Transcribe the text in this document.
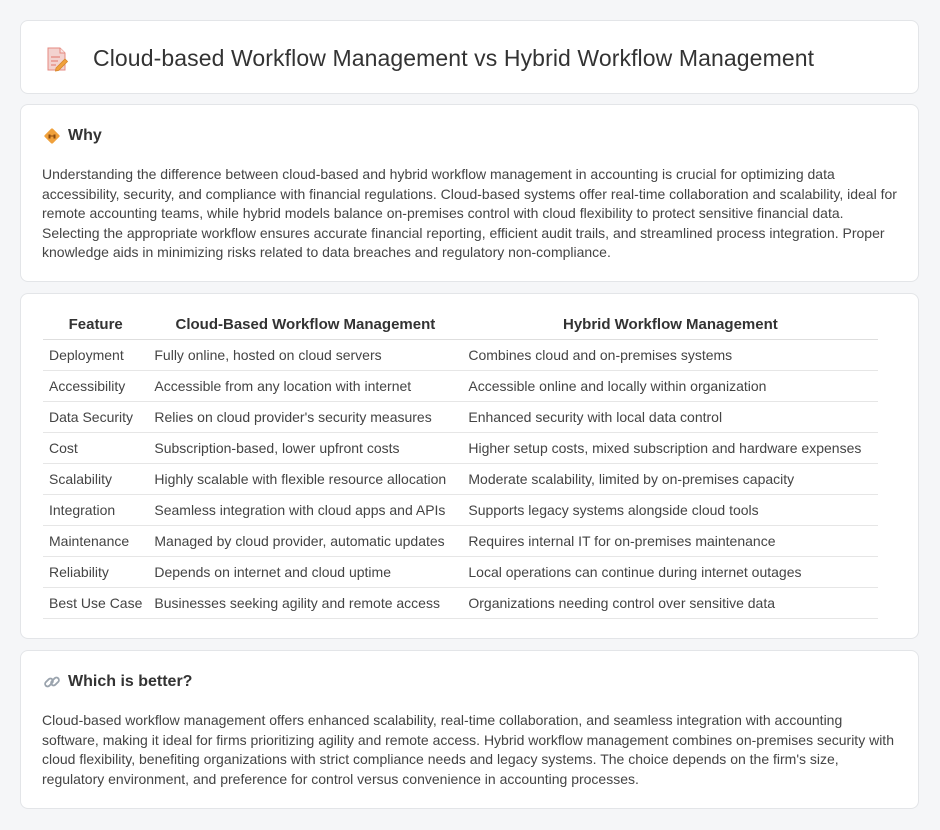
Cloud-based Workflow Management vs Hybrid Workflow Management
Why

Understanding the difference between cloud-based and hybrid workflow management in accounting is crucial for optimizing data accessibility, security, and compliance with financial regulations. Cloud-based systems offer real-time collaboration and scalability, ideal for remote accounting teams, while hybrid models balance on-premises control with cloud flexibility to protect sensitive financial data. Selecting the appropriate workflow ensures accurate financial reporting, efficient audit trails, and streamlined process integration. Proper knowledge aids in minimizing risks related to data breaches and regulatory non-compliance.

Feature	Cloud-Based Workflow Management	Hybrid Workflow Management
Deployment	Fully online, hosted on cloud servers	Combines cloud and on-premises systems
Accessibility	Accessible from any location with internet	Accessible online and locally within organization
Data Security	Relies on cloud provider's security measures	Enhanced security with local data control
Cost	Subscription-based, lower upfront costs	Higher setup costs, mixed subscription and hardware expenses
Scalability	Highly scalable with flexible resource allocation	Moderate scalability, limited by on-premises capacity
Integration	Seamless integration with cloud apps and APIs	Supports legacy systems alongside cloud tools
Maintenance	Managed by cloud provider, automatic updates	Requires internal IT for on-premises maintenance
Reliability	Depends on internet and cloud uptime	Local operations can continue during internet outages
Best Use Case	Businesses seeking agility and remote access	Organizations needing control over sensitive data
Which is better?

Cloud-based workflow management offers enhanced scalability, real-time collaboration, and seamless integration with accounting software, making it ideal for firms prioritizing agility and remote access. Hybrid workflow management combines on-premises security with cloud flexibility, benefiting organizations with strict compliance needs and legacy systems. The choice depends on the firm's size, regulatory environment, and preference for control versus convenience in accounting processes.
